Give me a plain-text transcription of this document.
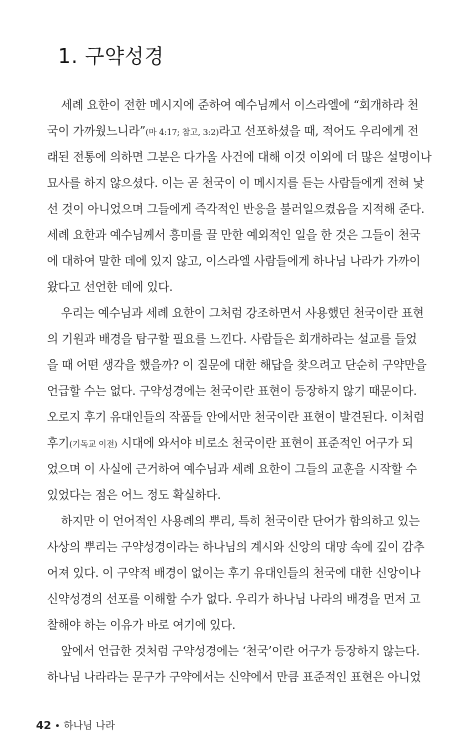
1. 구약성경

세례 요한이 전한 메시지에 준하여 예수님께서 이스라엘에 “회개하라 천
국이 가까웠느니라”(마 4:17; 참고, 3:2)라고 선포하셨을 때, 적어도 우리에게 전
래된 전통에 의하면 그분은 다가올 사건에 대해 이것 이외에 더 많은 설명이나
묘사를 하지 않으셨다. 이는 곧 천국이 이 메시지를 듣는 사람들에게 전혀 낯
선 것이 아니었으며 그들에게 즉각적인 반응을 불러일으켰음을 지적해 준다.
세례 요한과 예수님께서 흥미를 끌 만한 예외적인 일을 한 것은 그들이 천국
에 대하여 말한 데에 있지 않고, 이스라엘 사람들에게 하나님 나라가 가까이
왔다고 선언한 데에 있다.

우리는 예수님과 세례 요한이 그처럼 강조하면서 사용했던 천국이란 표현
의 기원과 배경을 탐구할 필요를 느낀다. 사람들은 회개하라는 설교를 들었
을 때 어떤 생각을 했을까? 이 질문에 대한 해답을 찾으려고 단순히 구약만을
언급할 수는 없다. 구약성경에는 천국이란 표현이 등장하지 않기 때문이다.
오로지 후기 유대인들의 작품들 안에서만 천국이란 표현이 발견된다. 이처럼
후기(기독교 이전) 시대에 와서야 비로소 천국이란 표현이 표준적인 어구가 되
었으며 이 사실에 근거하여 예수님과 세례 요한이 그들의 교훈을 시작할 수
있었다는 점은 어느 정도 확실하다.

하지만 이 언어적인 사용례의 뿌리, 특히 천국이란 단어가 함의하고 있는
사상의 뿌리는 구약성경이라는 하나님의 계시와 신앙의 대망 속에 깊이 감추
어져 있다. 이 구약적 배경이 없이는 후기 유대인들의 천국에 대한 신앙이나
신약성경의 선포를 이해할 수가 없다. 우리가 하나님 나라의 배경을 먼저 고
찰해야 하는 이유가 바로 여기에 있다.

앞에서 언급한 것처럼 구약성경에는 ‘천국’이란 어구가 등장하지 않는다.
하나님 나라라는 문구가 구약에서는 신약에서 만큼 표준적인 표현은 아니었

42 • 하나님 나라
